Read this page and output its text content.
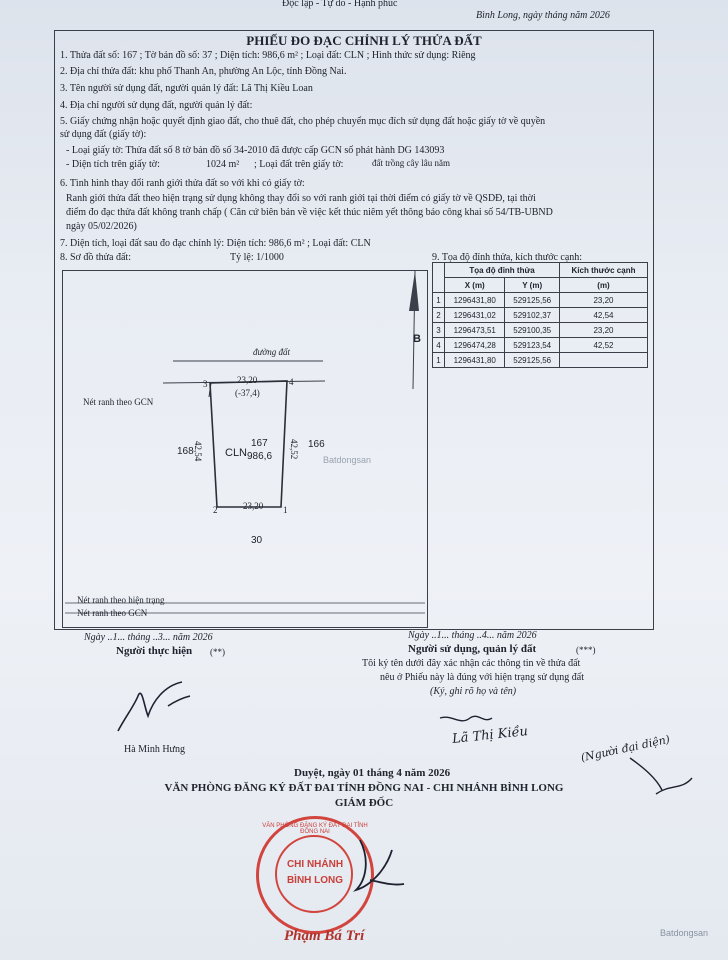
Độc lập - Tự do - Hạnh phúc
Bình Long, ngày tháng năm 2026
PHIẾU ĐO ĐẠC CHỈNH LÝ THỬA ĐẤT
1. Thửa đất số: 167 ; Tờ bản đồ số: 37 ; Diện tích: 986,6 m² ; Loại đất: CLN ; Hình thức sử dụng: Riêng
2. Địa chỉ thửa đất: khu phố Thanh An, phường An Lộc, tỉnh Đồng Nai.
3. Tên người sử dụng đất, người quản lý đất: Lã Thị Kiều Loan
4. Địa chỉ người sử dụng đất, người quản lý đất:
5. Giấy chứng nhận hoặc quyết định giao đất, cho thuê đất, cho phép chuyển mục đích sử dụng đất hoặc giấy tờ về quyền
sử dụng đất (giấy tờ):
- Loại giấy tờ: Thửa đất số 8 tờ bản đồ số 34-2010 đã được cấp GCN số phát hành DG 143093
- Diện tích trên giấy tờ:	1024 m² ; Loại đất trên giấy tờ:	đất trồng cây lâu năm
6. Tình hình thay đổi ranh giới thửa đất so với khi có giấy tờ:
Ranh giới thửa đất theo hiện trạng sử dụng không thay đổi so với ranh giới tại thời điểm có giấy tờ về QSDĐ, tại thời
điểm đo đạc thửa đất không tranh chấp ( Căn cứ biên bản về việc kết thúc niêm yết thông báo công khai số 54/TB-UBND
ngày 05/02/2026)
7. Diện tích, loại đất sau đo đạc chỉnh lý: Diện tích: 986,6 m² ; Loại đất: CLN
8. Sơ đồ thửa đất:	Tỷ lệ: 1/1000	9. Tọa độ đỉnh thửa, kích thước cạnh:
đường đất
23,20
(-37,4)
3	4
2	1
Nét ranh theo GCN
42,54	42,52
CLN
167
986,6
168
166
23,20
30
B
Nét ranh theo hiện trạng
Nét ranh theo GCN
Batdongsan
	Tọa độ đỉnh thửa		Kích thước cạnh
	X (m)	Y (m)	(m)
1	1296431,80	529125,56	23,20
2	1296431,02	529102,37	42,54
3	1296473,51	529100,35	23,20
4	1296474,28	529123,54	42,52
1	1296431,80	529125,56	
Ngày ..1... tháng ..3... năm 2026
Người thực hiện (**)
Hà Minh Hưng
Ngày ..1... tháng ..4... năm 2026
Người sử dụng, quản lý đất	(***)
Tôi ký tên dưới đây xác nhận các thông tin về thửa đất
nêu ở Phiếu này là đúng với hiện trạng sử dụng đất
(Ký, ghi rõ họ và tên)
Lã Thị Kiều	(Người đại diện)
Duyệt, ngày 01 tháng 4 năm 2026
VĂN PHÒNG ĐĂNG KÝ ĐẤT ĐAI TỈNH ĐỒNG NAI - CHI NHÁNH BÌNH LONG
GIÁM ĐỐC
CHI NHÁNH
BÌNH LONG
VĂN PHÒNG ĐĂNG KÝ ĐẤT ĐAI TỈNH ĐỒNG NAI
Phạm Bá Trí	Batdongsan
